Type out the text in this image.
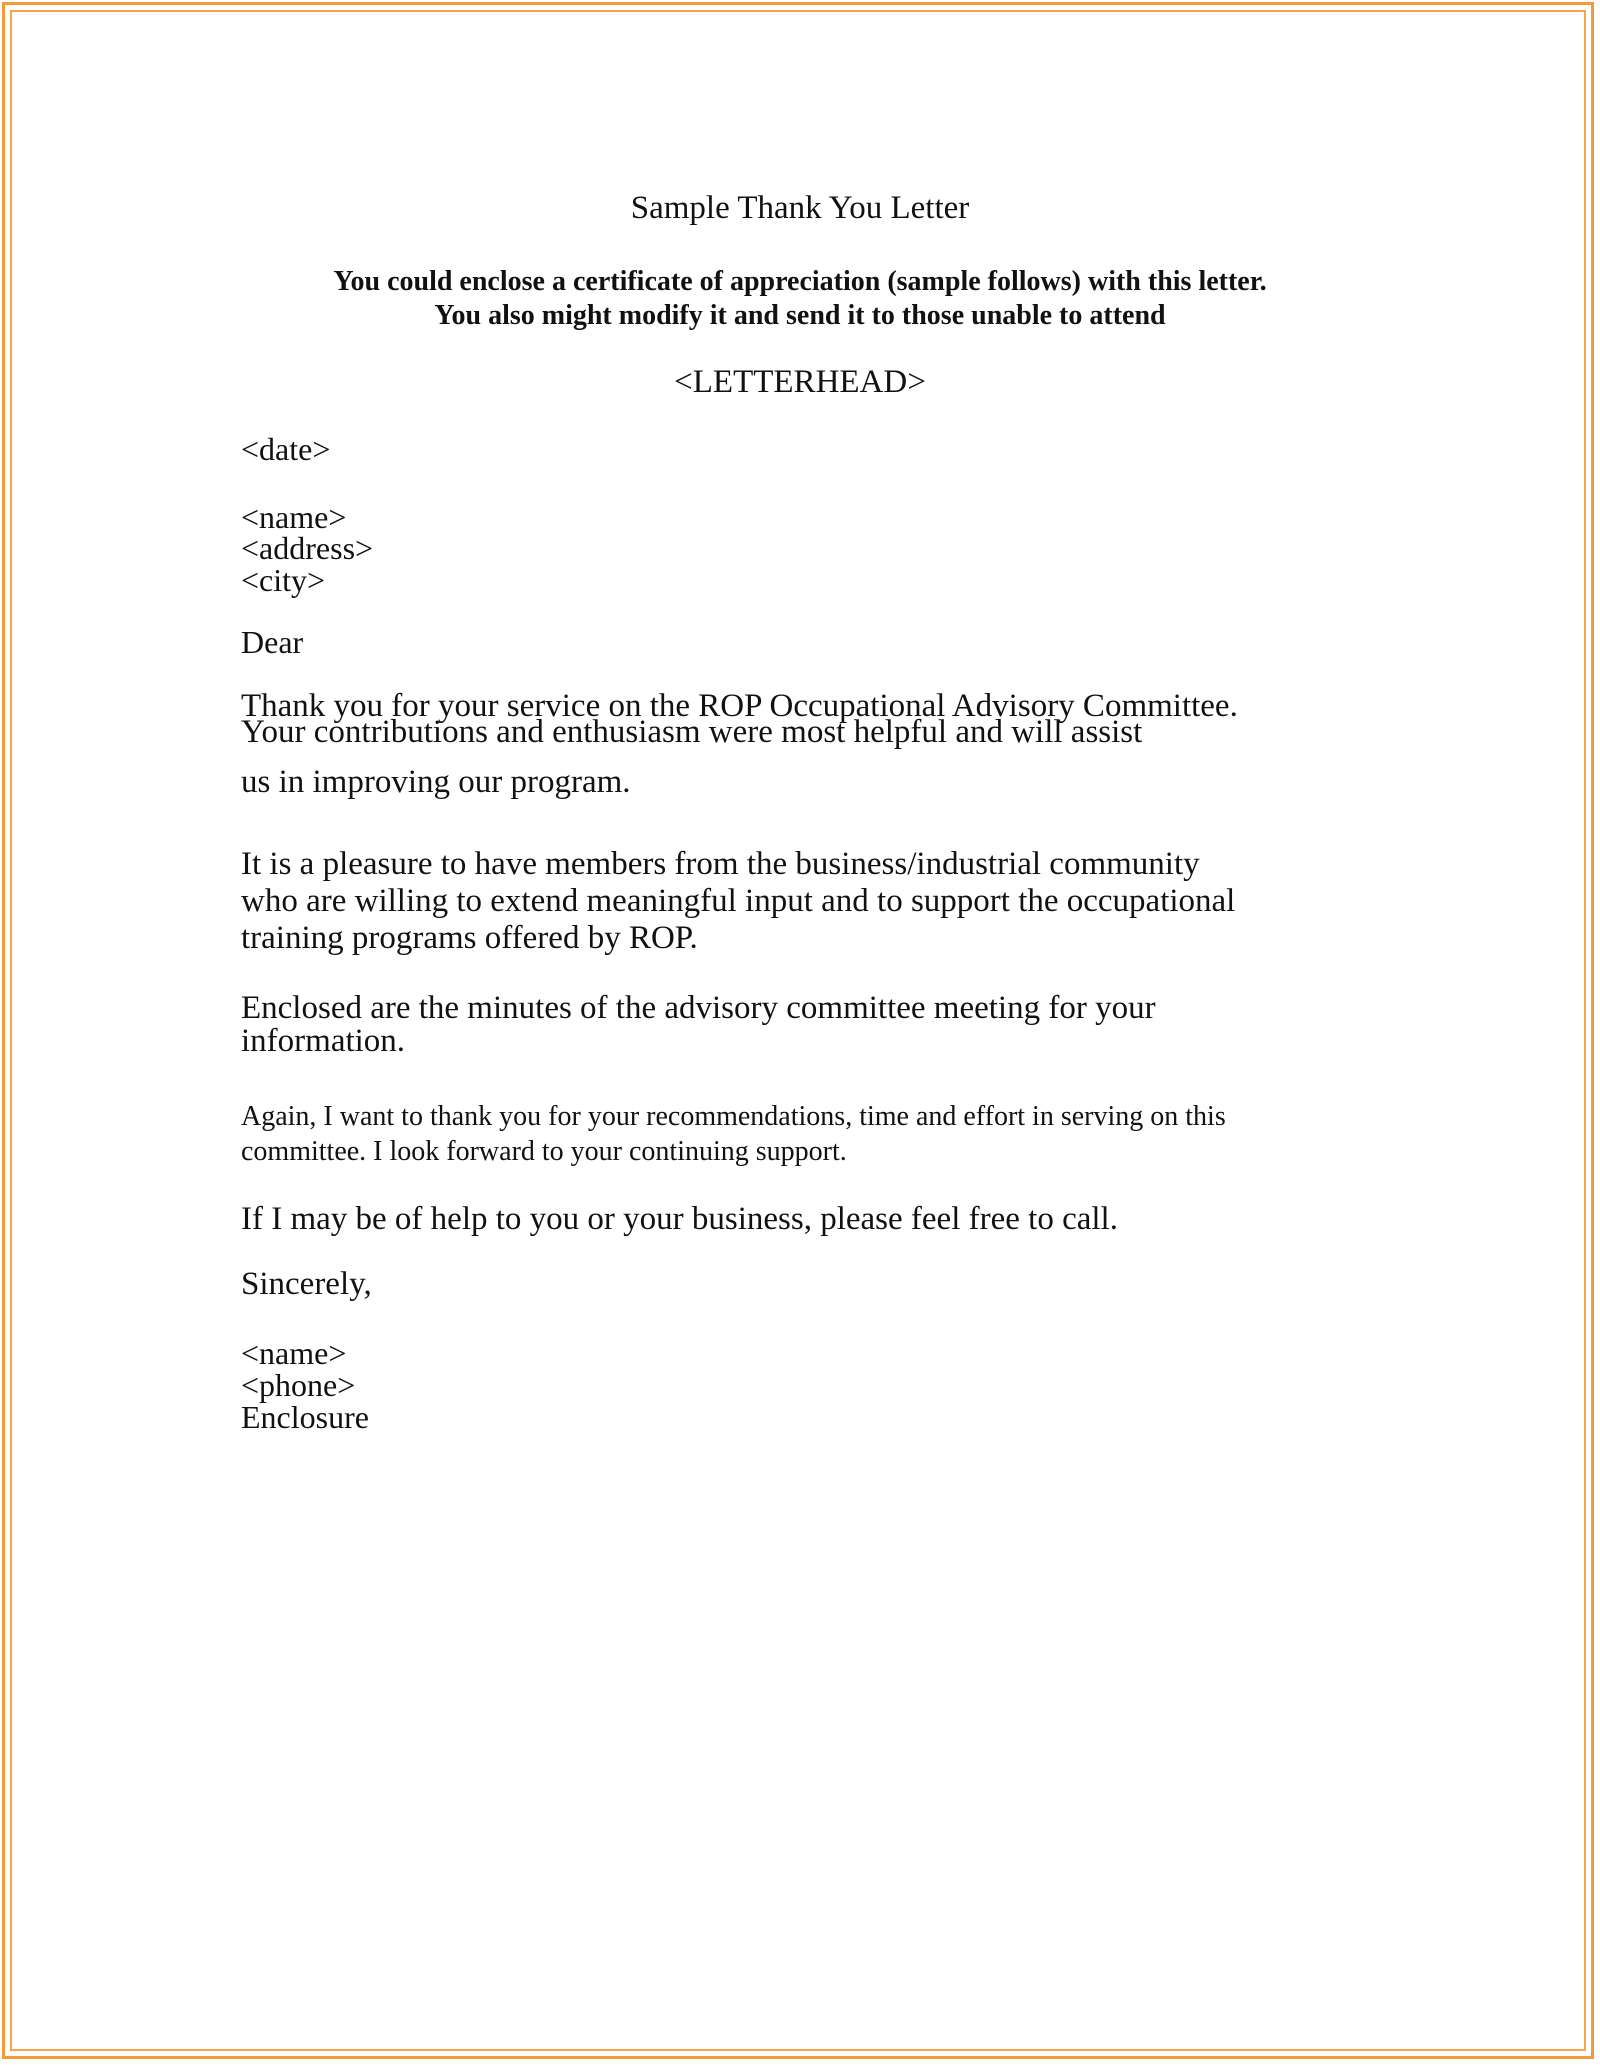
Sample Thank You Letter

You could enclose a certificate of appreciation (sample follows) with this letter.

You also might modify it and send it to those unable to attend

<LETTERHEAD>

<date>

<name>

<address>

<city>

Dear

Thank you for your service on the ROP Occupational Advisory Committee.

Your contributions and enthusiasm were most helpful and will assist

us in improving our program.

It is a pleasure to have members from the business/industrial community
who are willing to extend meaningful input and to support the occupational
training programs offered by ROP.

Enclosed are the minutes of the advisory committee meeting for your
information.

Again, I want to thank you for your recommendations, time and effort in serving on this
committee. I look forward to your continuing support.

If I may be of help to you or your business, please feel free to call.

Sincerely,

<name>

<phone>

Enclosure
